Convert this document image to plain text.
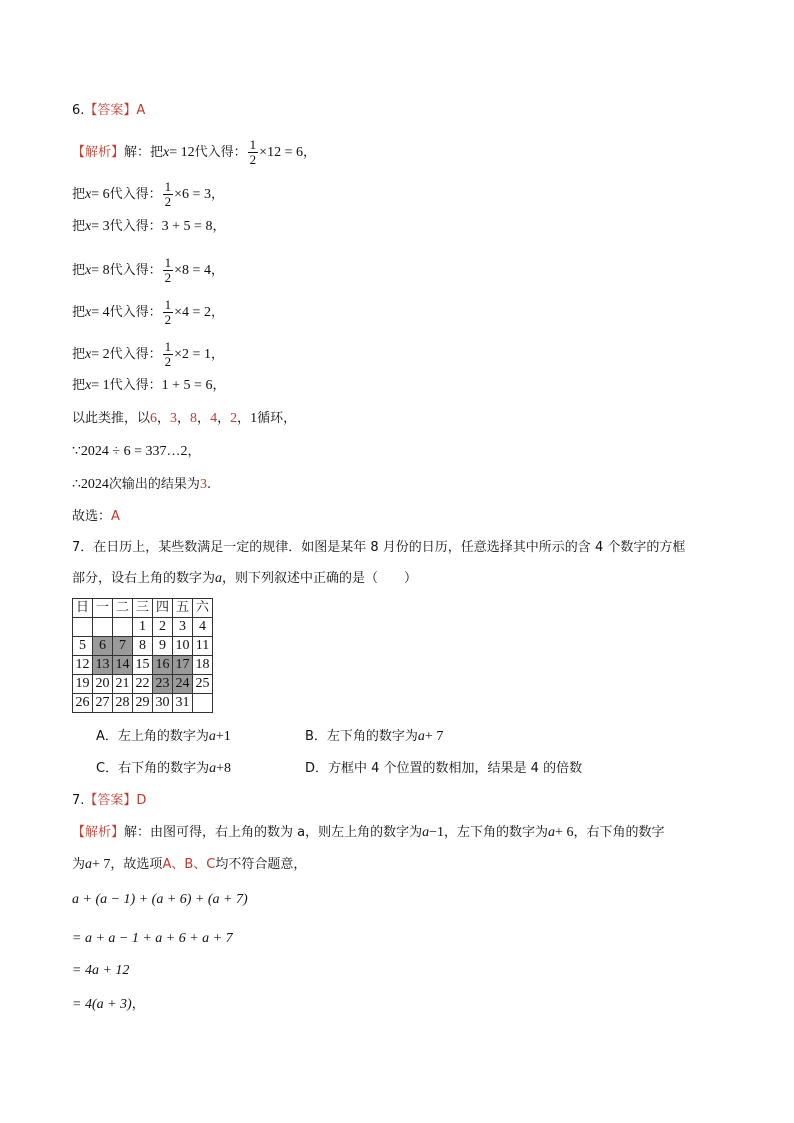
6.【答案】A
【解析】解：把x= 12代入得： $\frac{1}{2} \times 12 = 6$，
把x= 6代入得： $\frac{1}{2} \times 6 = 3$，
把x= 3代入得：3 + 5 = 8，
把x= 8代入得： $\frac{1}{2} \times 8 = 4$，
把x= 4代入得： $\frac{1}{2} \times 4 = 2$，
把x= 2代入得： $\frac{1}{2} \times 2 = 1$，
把x= 1代入得：1 + 5 = 6，
以此类推，以6，3，8，4，2，1循环，
∵2024 ÷ 6 = 337…2，
∴2024次输出的结果为3.
故选：A
7．在日历上，某些数满足一定的规律．如图是某年 8 月份的日历，任意选择其中所示的含 4 个数字的方框
部分，设右上角的数字为a，则下列叙述中正确的是（　　）
日	一	二	三	四	五	六
			1	2	3	4
5	6	7	8	9	10	11
12	13	14	15	16	17	18
19	20	21	22	23	24	25
26	27	28	29	30	31	
A．左上角的数字为a+1	B．左下角的数字为a+ 7
C．右下角的数字为a+8	D．方框中 4 个位置的数相加，结果是 4 的倍数
7.【答案】D
【解析】解：由图可得，右上角的数为 a，则左上角的数字为a−1，左下角的数字为a+ 6，右下角的数字
为a+ 7，故选项A、B、C均不符合题意，
a + (a − 1) + (a + 6) + (a + 7)
= a + a − 1 + a + 6 + a + 7
= 4a + 12
= 4(a + 3)，
